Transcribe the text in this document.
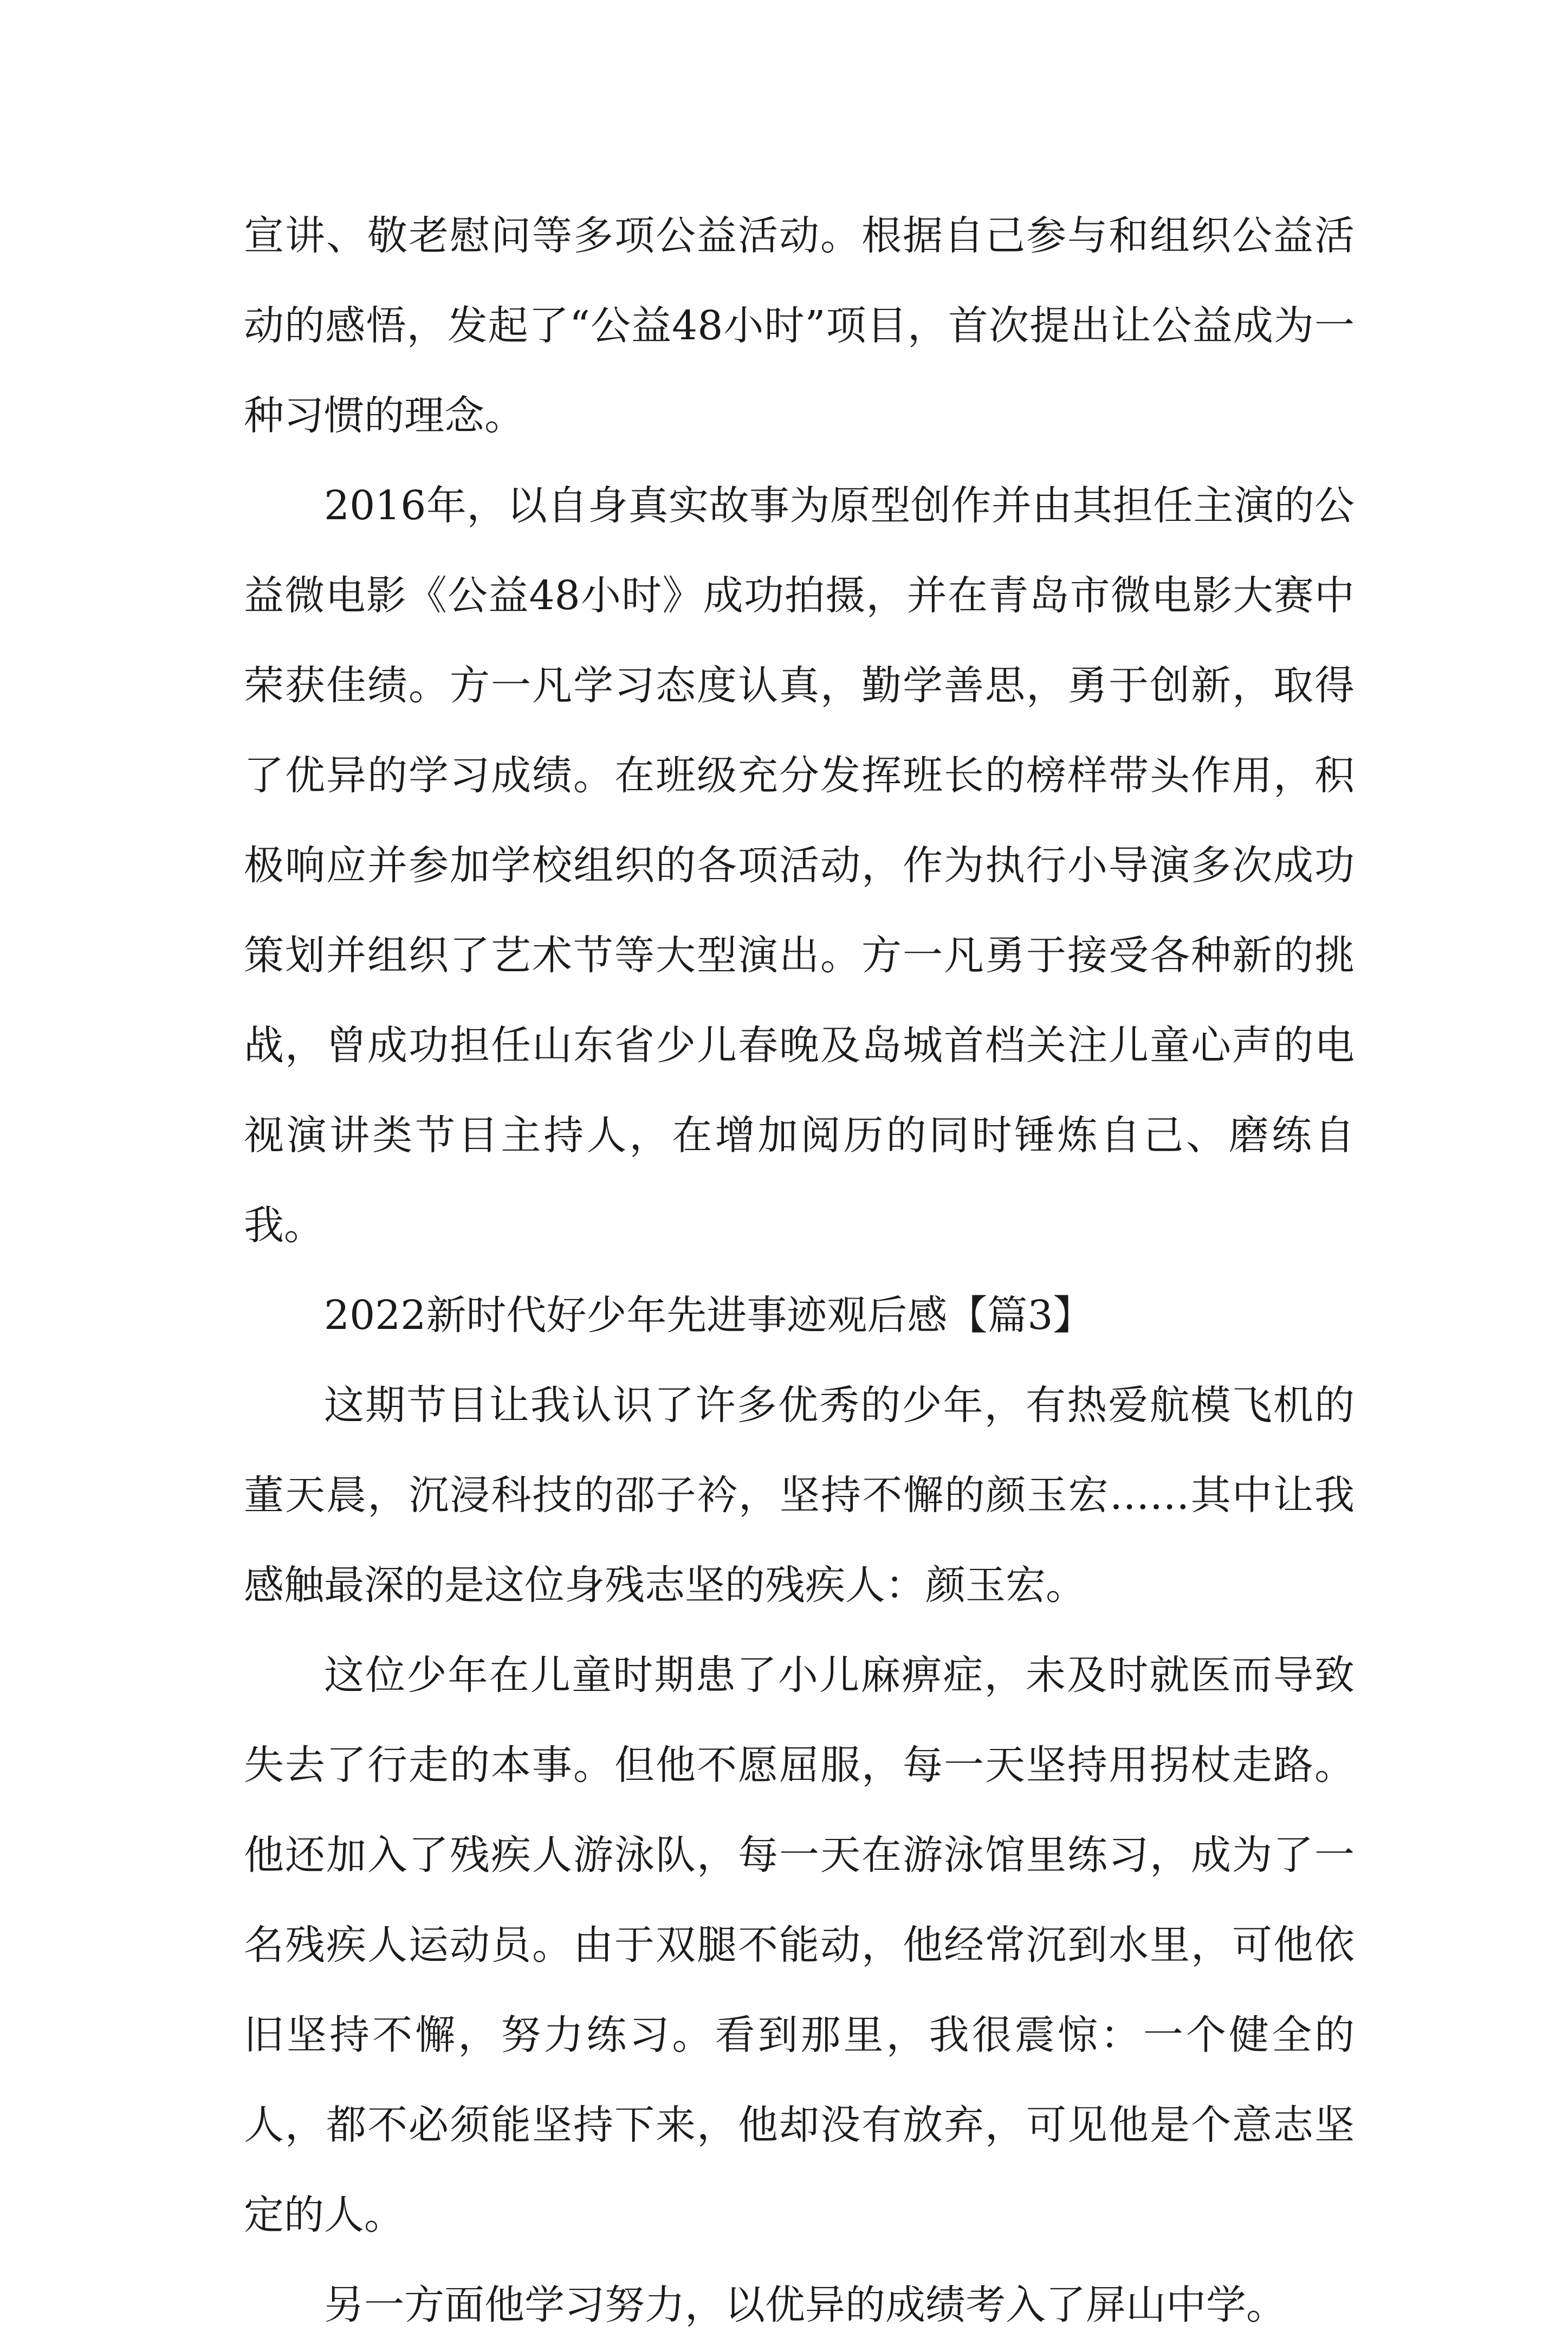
宣讲、敬老慰问等多项公益活动。根据自己参与和组织公益活动的感悟，发起了“公益48小时”项目，首次提出让公益成为一种习惯的理念。

2016年，以自身真实故事为原型创作并由其担任主演的公益微电影《公益48小时》成功拍摄，并在青岛市微电影大赛中荣获佳绩。方一凡学习态度认真，勤学善思，勇于创新，取得了优异的学习成绩。在班级充分发挥班长的榜样带头作用，积极响应并参加学校组织的各项活动，作为执行小导演多次成功策划并组织了艺术节等大型演出。方一凡勇于接受各种新的挑战，曾成功担任山东省少儿春晚及岛城首档关注儿童心声的电视演讲类节目主持人，在增加阅历的同时锤炼自己、磨练自我。

2022新时代好少年先进事迹观后感【篇3】

这期节目让我认识了许多优秀的少年，有热爱航模飞机的董天晨，沉浸科技的邵子衿，坚持不懈的颜玉宏……其中让我感触最深的是这位身残志坚的残疾人：颜玉宏。

这位少年在儿童时期患了小儿麻痹症，未及时就医而导致失去了行走的本事。但他不愿屈服，每一天坚持用拐杖走路。他还加入了残疾人游泳队，每一天在游泳馆里练习，成为了一名残疾人运动员。由于双腿不能动，他经常沉到水里，可他依旧坚持不懈，努力练习。看到那里，我很震惊：一个健全的人，都不必须能坚持下来，他却没有放弃，可见他是个意志坚定的人。

另一方面他学习努力，以优异的成绩考入了屏山中学。
